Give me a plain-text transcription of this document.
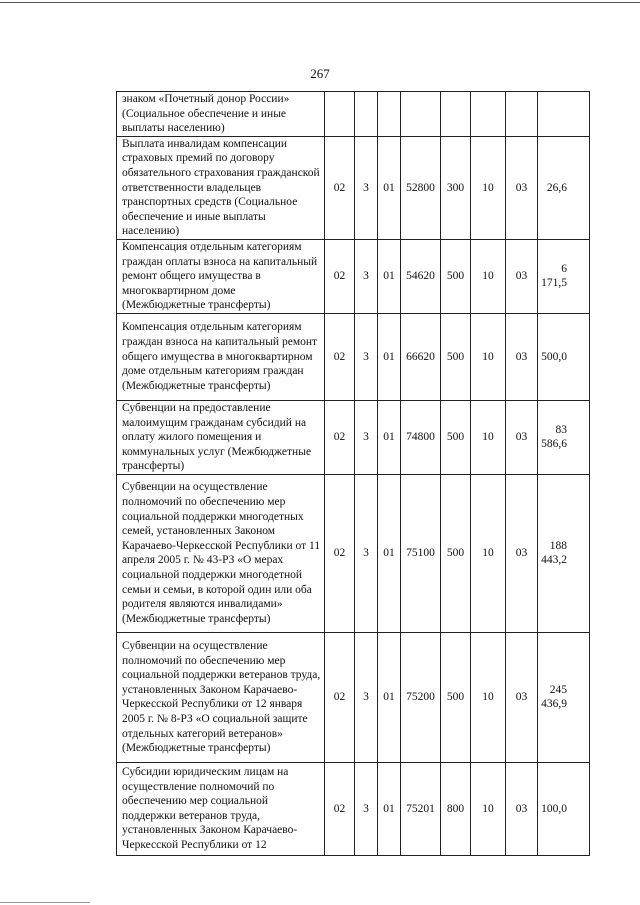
267
знаком «Почетный донор России» (Социальное обеспечение и иные выплаты населению)								
Выплата инвалидам компенсации страховых премий по договору обязательного страхования гражданской ответственности владельцев транспортных средств (Социальное обеспечение и иные выплаты населению)	02	3	01	52800	300	10	03	26,6
Компенсация отдельным категориям граждан оплаты взноса на капитальный ремонт общего имущества в многоквартирном доме (Межбюджетные трансферты)	02	3	01	54620	500	10	03	6 171,5
Компенсация отдельным категориям граждан взноса на капитальный ремонт общего имущества в многоквартирном доме отдельным категориям граждан (Межбюджетные трансферты)	02	3	01	66620	500	10	03	500,0
Субвенции на предоставление малоимущим гражданам субсидий на оплату жилого помещения и коммунальных услуг (Межбюджетные трансферты)	02	3	01	74800	500	10	03	83 586,6
Субвенции на осуществление полномочий по обеспечению мер социальной поддержки многодетных семей, установленных Законом Карачаево-Черкесской Республики от 11 апреля 2005 г. № 43-РЗ «О мерах социальной поддержки многодетной семьи и семьи, в которой один или оба родителя являются инвалидами» (Межбюджетные трансферты)	02	3	01	75100	500	10	03	188 443,2
Субвенции на осуществление полномочий по обеспечению мер социальной поддержки ветеранов труда, установленных Законом Карачаево-Черкесской Республики от 12 января 2005 г. № 8-РЗ «О социальной защите отдельных категорий ветеранов» (Межбюджетные трансферты)	02	3	01	75200	500	10	03	245 436,9
Субсидии юридическим лицам на осуществление полномочий по обеспечению мер социальной поддержки ветеранов труда, установленных Законом Карачаево-Черкесской Республики от 12	02	3	01	75201	800	10	03	100,0
